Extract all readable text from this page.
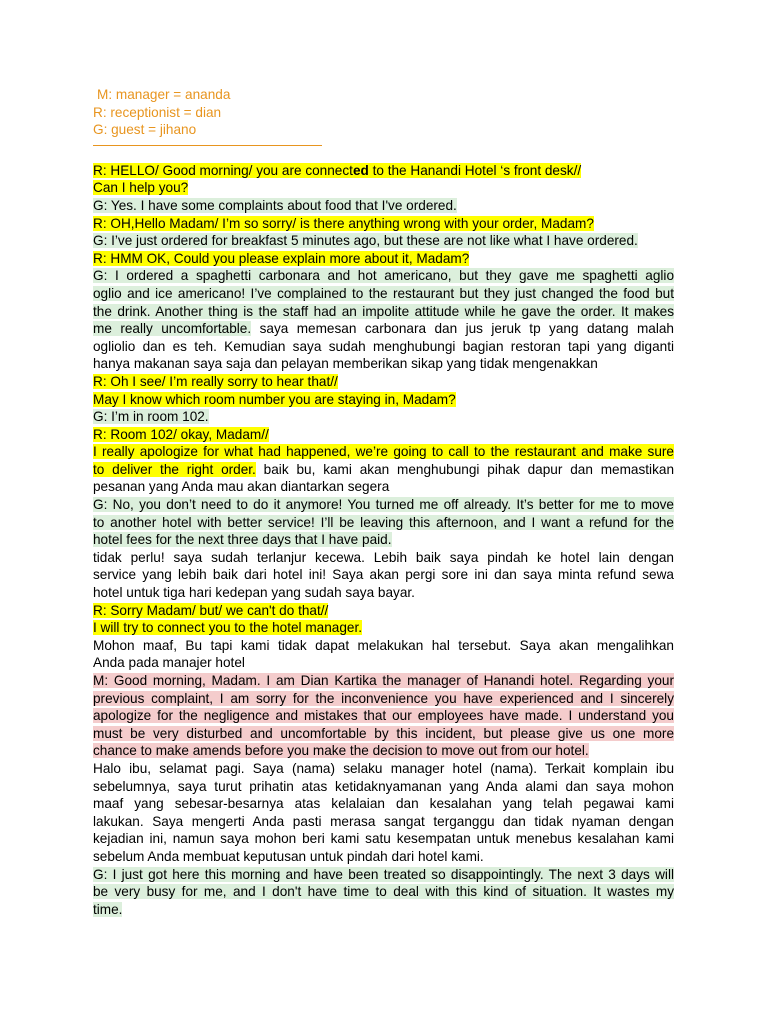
M: manager = ananda
R: receptionist = dian
G: guest = jihano
R: HELLO/ Good morning/ you are connected to the Hanandi Hotel ‘s front desk//
Can I help you?
G: Yes. I have some complaints about food that I've ordered.
R: OH,Hello Madam/ I’m so sorry/ is there anything wrong with your order, Madam?
G: I’ve just ordered for breakfast 5 minutes ago, but these are not like what I have ordered.
R: HMM OK, Could you please explain more about it, Madam?
G: I ordered a spaghetti carbonara and hot americano, but they gave me spaghetti aglio
oglio and ice americano! I’ve complained to the restaurant but they just changed the food but
the drink. Another thing is the staff had an impolite attitude while he gave the order. It makes
me really uncomfortable. saya memesan carbonara dan jus jeruk tp yang datang malah
ogliolio dan es teh. Kemudian saya sudah menghubungi bagian restoran tapi yang diganti
hanya makanan saya saja dan pelayan memberikan sikap yang tidak mengenakkan
R: Oh I see/ I’m really sorry to hear that//
May I know which room number you are staying in, Madam?
G: I’m in room 102.
R: Room 102/ okay, Madam//
I really apologize for what had happened, we’re going to call to the restaurant and make sure
to deliver the right order. baik bu, kami akan menghubungi pihak dapur dan memastikan
pesanan yang Anda mau akan diantarkan segera
G: No, you don’t need to do it anymore! You turned me off already. It’s better for me to move
to another hotel with better service! I’ll be leaving this afternoon, and I want a refund for the
hotel fees for the next three days that I have paid.
tidak perlu! saya sudah terlanjur kecewa. Lebih baik saya pindah ke hotel lain dengan
service yang lebih baik dari hotel ini! Saya akan pergi sore ini dan saya minta refund sewa
hotel untuk tiga hari kedepan yang sudah saya bayar.
R: Sorry Madam/ but/ we can't do that//
I will try to connect you to the hotel manager.
Mohon maaf, Bu tapi kami tidak dapat melakukan hal tersebut. Saya akan mengalihkan
Anda pada manajer hotel
M: Good morning, Madam. I am Dian Kartika the manager of Hanandi hotel. Regarding your
previous complaint, I am sorry for the inconvenience you have experienced and I sincerely
apologize for the negligence and mistakes that our employees have made. I understand you
must be very disturbed and uncomfortable by this incident, but please give us one more
chance to make amends before you make the decision to move out from our hotel.
Halo ibu, selamat pagi. Saya (nama) selaku manager hotel (nama). Terkait komplain ibu
sebelumnya, saya turut prihatin atas ketidaknyamanan yang Anda alami dan saya mohon
maaf yang sebesar-besarnya atas kelalaian dan kesalahan yang telah pegawai kami
lakukan. Saya mengerti Anda pasti merasa sangat terganggu dan tidak nyaman dengan
kejadian ini, namun saya mohon beri kami satu kesempatan untuk menebus kesalahan kami
sebelum Anda membuat keputusan untuk pindah dari hotel kami.
G: I just got here this morning and have been treated so disappointingly. The next 3 days will
be very busy for me, and I don't have time to deal with this kind of situation. It wastes my
time.
